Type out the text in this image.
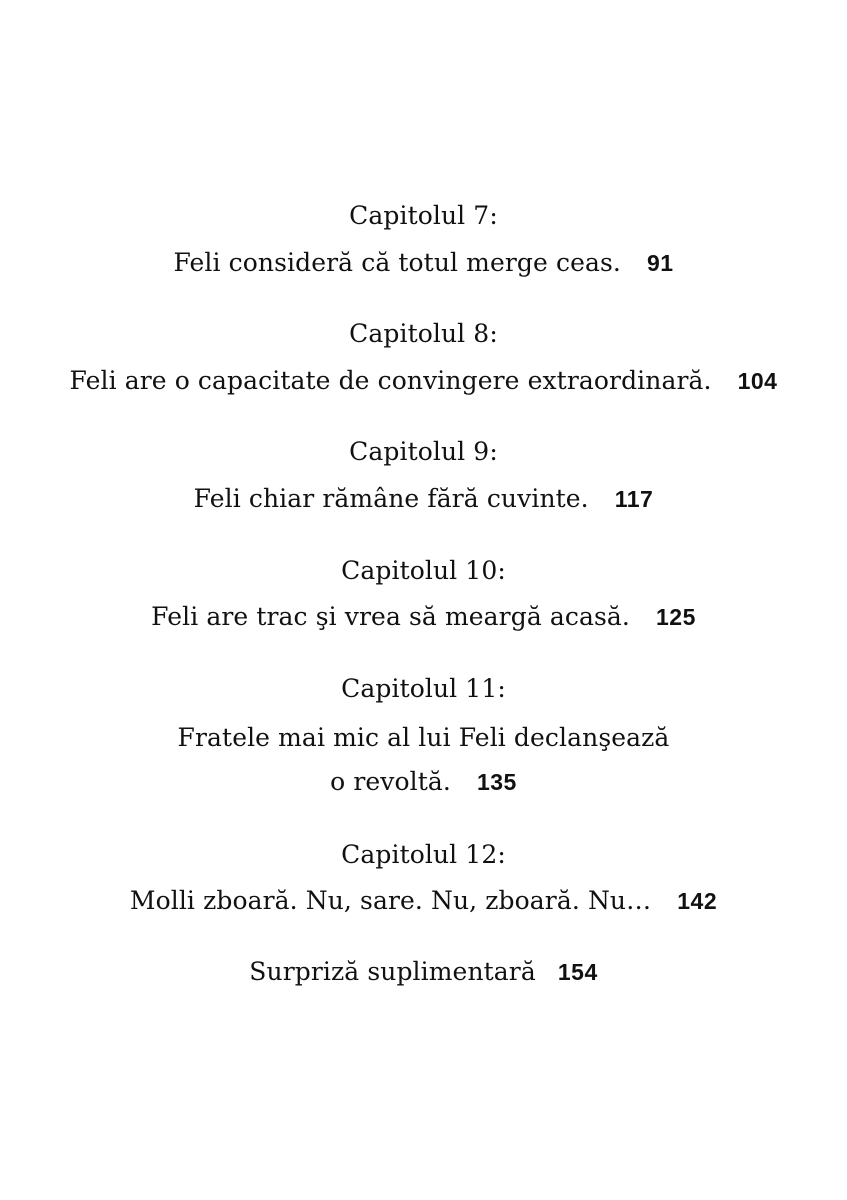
Capitolul 7:
Feli consideră că totul merge ceas. 91
Capitolul 8:
Feli are o capacitate de convingere extraordinară. 104
Capitolul 9:
Feli chiar rămâne fără cuvinte. 117
Capitolul 10:
Feli are trac şi vrea să meargă acasă. 125
Capitolul 11:
Fratele mai mic al lui Feli declanşează
o revoltă. 135
Capitolul 12:
Molli zboară. Nu, sare. Nu, zboară. Nu… 142
Surpriză suplimentară 154
